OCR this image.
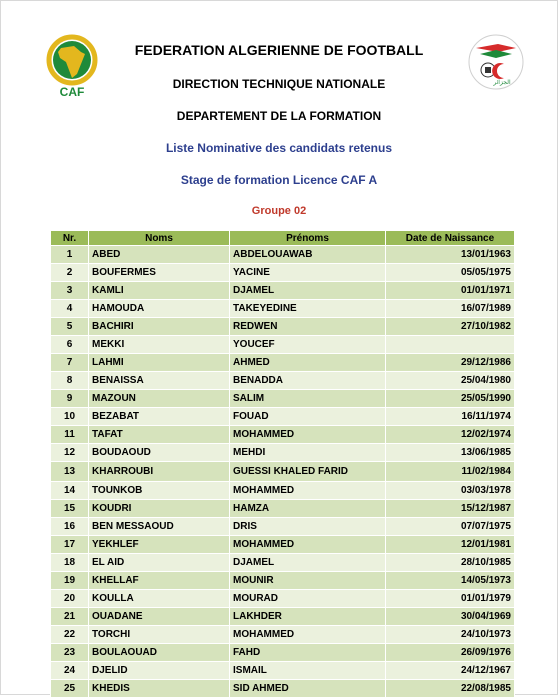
CAF
الجزائر
FEDERATION ALGERIENNE DE FOOTBALL
DIRECTION TECHNIQUE NATIONALE
DEPARTEMENT DE LA FORMATION
Liste Nominative des candidats retenus
Stage de formation Licence CAF A
Groupe 02
Nr.	Noms	Prénoms	Date de Naissance
1	ABED	ABDELOUAWAB	13/01/1963
2	BOUFERMES	YACINE	05/05/1975
3	KAMLI	DJAMEL	01/01/1971
4	HAMOUDA	TAKEYEDINE	16/07/1989
5	BACHIRI	REDWEN	27/10/1982
6	MEKKI	YOUCEF	
7	LAHMI	AHMED	29/12/1986
8	BENAISSA	BENADDA	25/04/1980
9	MAZOUN	SALIM	25/05/1990
10	BEZABAT	FOUAD	16/11/1974
11	TAFAT	MOHAMMED	12/02/1974
12	BOUDAOUD	MEHDI	13/06/1985
13	KHARROUBI	GUESSI KHALED FARID	11/02/1984
14	TOUNKOB	MOHAMMED	03/03/1978
15	KOUDRI	HAMZA	15/12/1987
16	BEN MESSAOUD	DRIS	07/07/1975
17	YEKHLEF	MOHAMMED	12/01/1981
18	EL AID	DJAMEL	28/10/1985
19	KHELLAF	MOUNIR	14/05/1973
20	KOULLA	MOURAD	01/01/1979
21	OUADANE	LAKHDER	30/04/1969
22	TORCHI	MOHAMMED	24/10/1973
23	BOULAOUAD	FAHD	26/09/1976
24	DJELID	ISMAIL	24/12/1967
25	KHEDIS	SID AHMED	22/08/1985
